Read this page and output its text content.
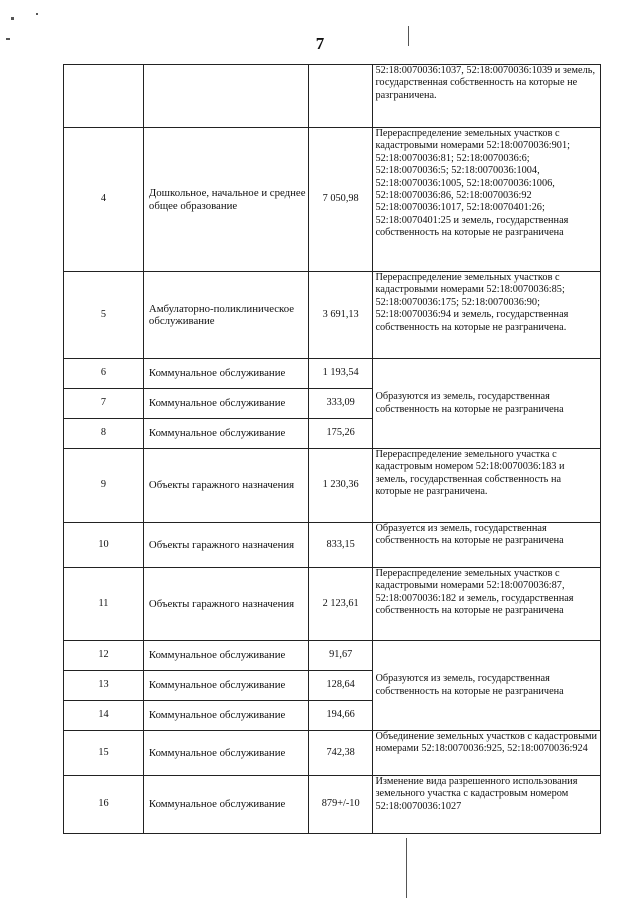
7

			52:18:0070036:1037, 52:18:0070036:1039 и земель, государственная собственность на которые не разграничена.

4	Дошкольное, начальное и среднее общее образование	7 050,98	Перераспределение земельных участков с кадастровыми номерами 52:18:0070036:901; 52:18:0070036:81; 52:18:0070036:6; 52:18:0070036:5; 52:18:0070036:1004, 52:18:0070036:1005, 52:18:0070036:1006, 52:18:0070036:86, 52:18:0070036:92 52:18:0070036:1017, 52:18:0070401:26; 52:18:0070401:25 и земель, государственная собственность на которые не разграничена

5	Амбулаторно-поликлиническое обслуживание	3 691,13	Перераспределение земельных участков с кадастровыми номерами 52:18:0070036:85; 52:18:0070036:175; 52:18:0070036:90; 52:18:0070036:94 и земель, государственная собственность на которые не разграничена.

6	Коммунальное обслуживание	1 193,54	Образуются из земель, государственная собственность на которые не разграничена

7	Коммунальное обслуживание	333,09	
8	Коммунальное обслуживание	175,26	
9	Объекты гаражного назначения	1 230,36	Перераспределение земельного участка с кадастровым номером 52:18:0070036:183 и земель, государственная собственность на которые не разграничена.

10	Объекты гаражного назначения	833,15	Образуется из земель, государственная собственность на которые не разграничена

11	Объекты гаражного назначения	2 123,61	Перераспределение земельных участков с кадастровыми номерами 52:18:0070036:87, 52:18:0070036:182 и земель, государственная собственность на которые не разграничена

12	Коммунальное обслуживание	91,67	Образуются из земель, государственная собственность на которые не разграничена

13	Коммунальное обслуживание	128,64	
14	Коммунальное обслуживание	194,66	
15	Коммунальное обслуживание	742,38	Объединение земельных участков с кадастровыми номерами 52:18:0070036:925, 52:18:0070036:924

16	Коммунальное обслуживание	879+/-10	Изменение вида разрешенного использования земельного участка с кадастровым номером 52:18:0070036:1027
